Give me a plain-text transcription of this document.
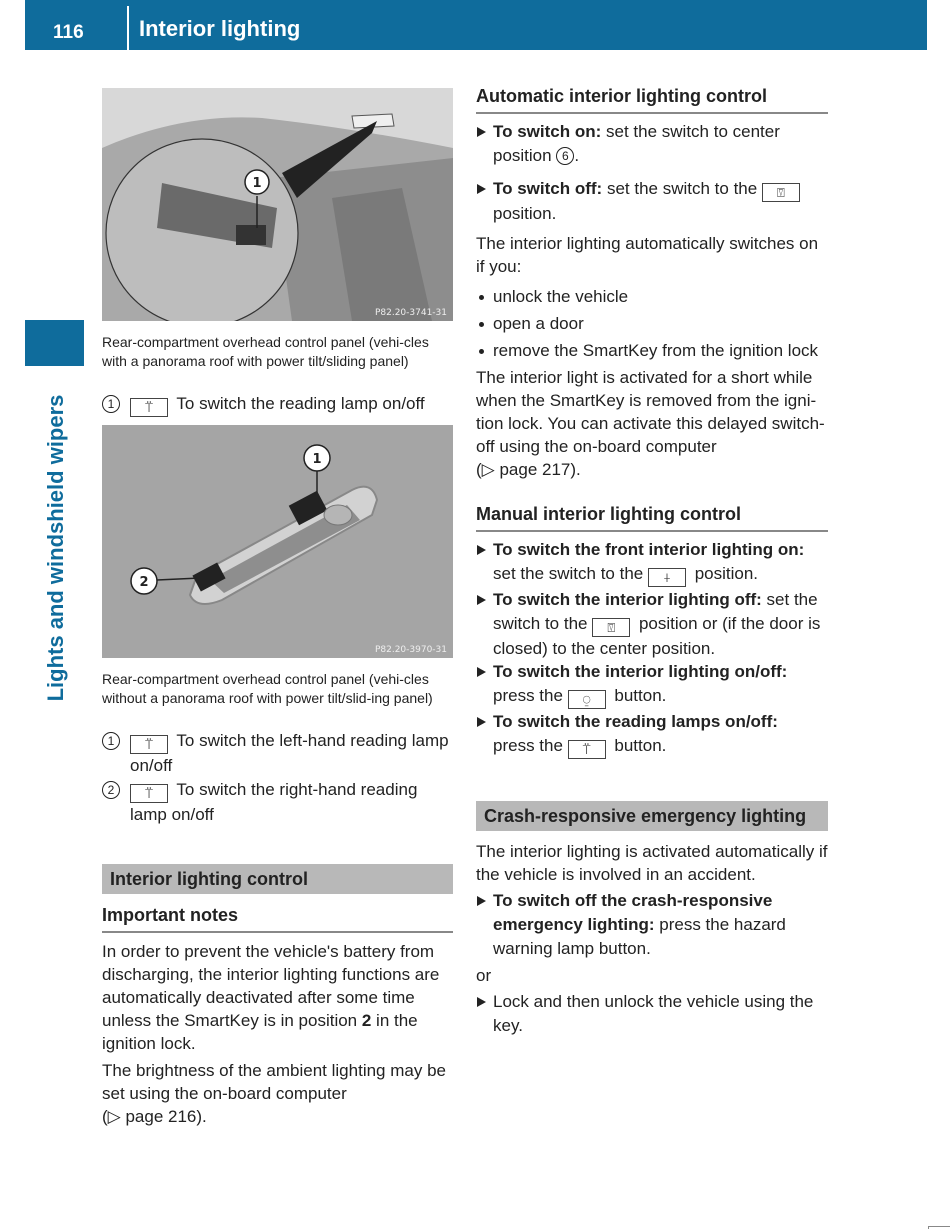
116	Interior lighting
Lights and windshield wipers
1
P82.20-3741-31
Rear-compartment overhead control panel (vehi-cles with a panorama roof with power tilt/sliding panel)
1	⍡ To switch the reading lamp on/off
1
2
P82.20-3970-31
Rear-compartment overhead control panel (vehi-cles without a panorama roof with power tilt/slid-ing panel)
1	⍡ To switch the left-hand reading lamp on/off
2	⍡ To switch the right-hand reading lamp on/off
Interior lighting control
Important notes
In order to prevent the vehicle's battery from discharging, the interior lighting functions are automatically deactivated after some time unless the SmartKey is in position 2 in the ignition lock.
The brightness of the ambient lighting may be set using the on-board computer
(▷ page 216).
Automatic interior lighting control
To switch on: set the switch to center position 6 .
To switch off: set the switch to the ⍔ position.
The interior lighting automatically switches on if you:
unlock the vehicle
open a door
remove the SmartKey from the ignition lock
The interior light is activated for a short while when the SmartKey is removed from the igni-tion lock. You can activate this delayed switch-off using the on-board computer
(▷ page 217).
Manual interior lighting control
To switch the front interior lighting on:
set the switch to the ⍭ position.
To switch the interior lighting off: set the switch to the ⍔ position or (if the door is closed) to the center position.
To switch the interior lighting on/off:
press the ⍜ button.
To switch the reading lamps on/off:
press the ⍡ button.
Crash-responsive emergency lighting
The interior lighting is activated automatically if the vehicle is involved in an accident.
To switch off the crash-responsive emergency lighting: press the hazard warning lamp button.
or
Lock and then unlock the vehicle using the key.
